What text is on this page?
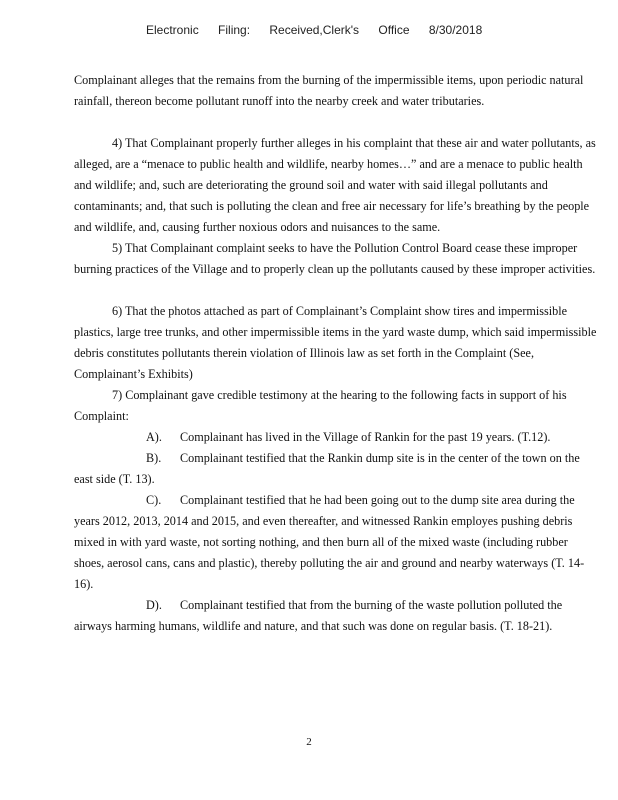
Electronic Filing: Received,Clerk's Office 8/30/2018

Complainant alleges that the remains from the burning of the impermissible items, upon periodic natural rainfall, thereon become pollutant runoff into the nearby creek and water tributaries.

4) That Complainant properly further alleges in his complaint that these air and water pollutants, as alleged, are a “menace to public health and wildlife, nearby homes…” and are a menace to public health and wildlife; and, such are deteriorating the ground soil and water with said illegal pollutants and contaminants; and, that such is polluting the clean and free air necessary for life’s breathing by the people and wildlife, and, causing further noxious odors and nuisances to the same.

5) That Complainant complaint seeks to have the Pollution Control Board cease these improper burning practices of the Village and to properly clean up the pollutants caused by these improper activities.

6) That the photos attached as part of Complainant’s Complaint show tires and impermissible plastics, large tree trunks, and other impermissible items in the yard waste dump, which said impermissible debris constitutes pollutants therein violation of Illinois law as set forth in the Complaint (See, Complainant’s Exhibits)

7) Complainant gave credible testimony at the hearing to the following facts in support of his Complaint:

A). Complainant has lived in the Village of Rankin for the past 19 years. (T.12).

B). Complainant testified that the Rankin dump site is in the center of the town on the east side (T. 13).

C). Complainant testified that he had been going out to the dump site area during the years 2012, 2013, 2014 and 2015, and even thereafter, and witnessed Rankin employes pushing debris mixed in with yard waste, not sorting nothing, and then burn all of the mixed waste (including rubber shoes, aerosol cans, cans and plastic), thereby polluting the air and ground and nearby waterways (T. 14-16).

D). Complainant testified that from the burning of the waste pollution polluted the airways harming humans, wildlife and nature, and that such was done on regular basis. (T. 18-21).

2
